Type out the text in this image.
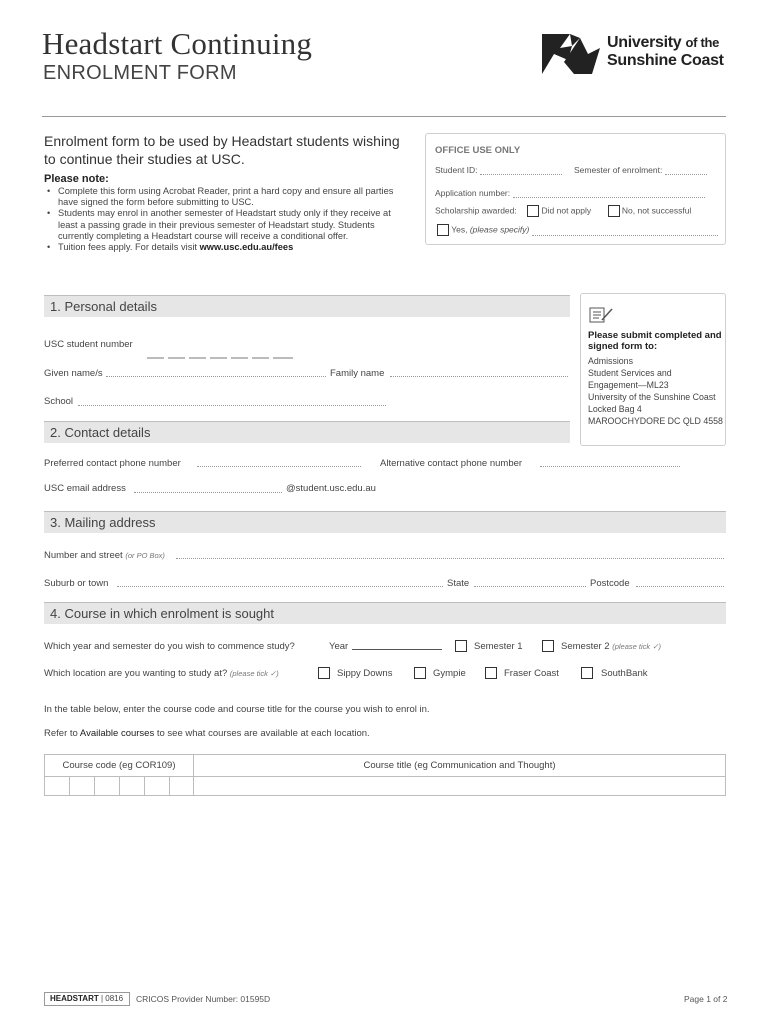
Headstart Continuing
ENROLMENT FORM
University of the
Sunshine Coast
Enrolment form to be used by Headstart students wishing to continue their studies at USC.
Please note:
• Complete this form using Acrobat Reader, print a hard copy and ensure all parties have signed the form before submitting to USC.
• Students may enrol in another semester of Headstart study only if they receive at least a passing grade in their previous semester of Headstart study. Students currently completing a Headstart course will receive a conditional offer.
• Tuition fees apply. For details visit www.usc.edu.au/fees
OFFICE USE ONLY
Student ID:	Semester of enrolment:
Application number:
Scholarship awarded:	Did not apply	No, not successful
Yes, (please specify)
1. Personal details
USC student number
Given name/s	Family name
School
Please submit completed and signed form to:
Admissions
Student Services and
Engagement—ML23
University of the Sunshine Coast
Locked Bag 4
MAROOCHYDORE DC QLD 4558
2. Contact details
Preferred contact phone number	Alternative contact phone number
USC email address	@student.usc.edu.au
3. Mailing address
Number and street (or PO Box)
Suburb or town	State	Postcode
4. Course in which enrolment is sought
Which year and semester do you wish to commence study?	Year	Semester 1	Semester 2 (please tick ✓)
Which location are you wanting to study at? (please tick ✓)	Sippy Downs	Gympie	Fraser Coast	SouthBank
In the table below, enter the course code and course title for the course you wish to enrol in.
Refer to Available courses to see what courses are available at each location.
Course code (eg COR109)	Course title (eg Communication and Thought)
HEADSTART | 0816	CRICOS Provider Number: 01595D	Page 1 of 2
